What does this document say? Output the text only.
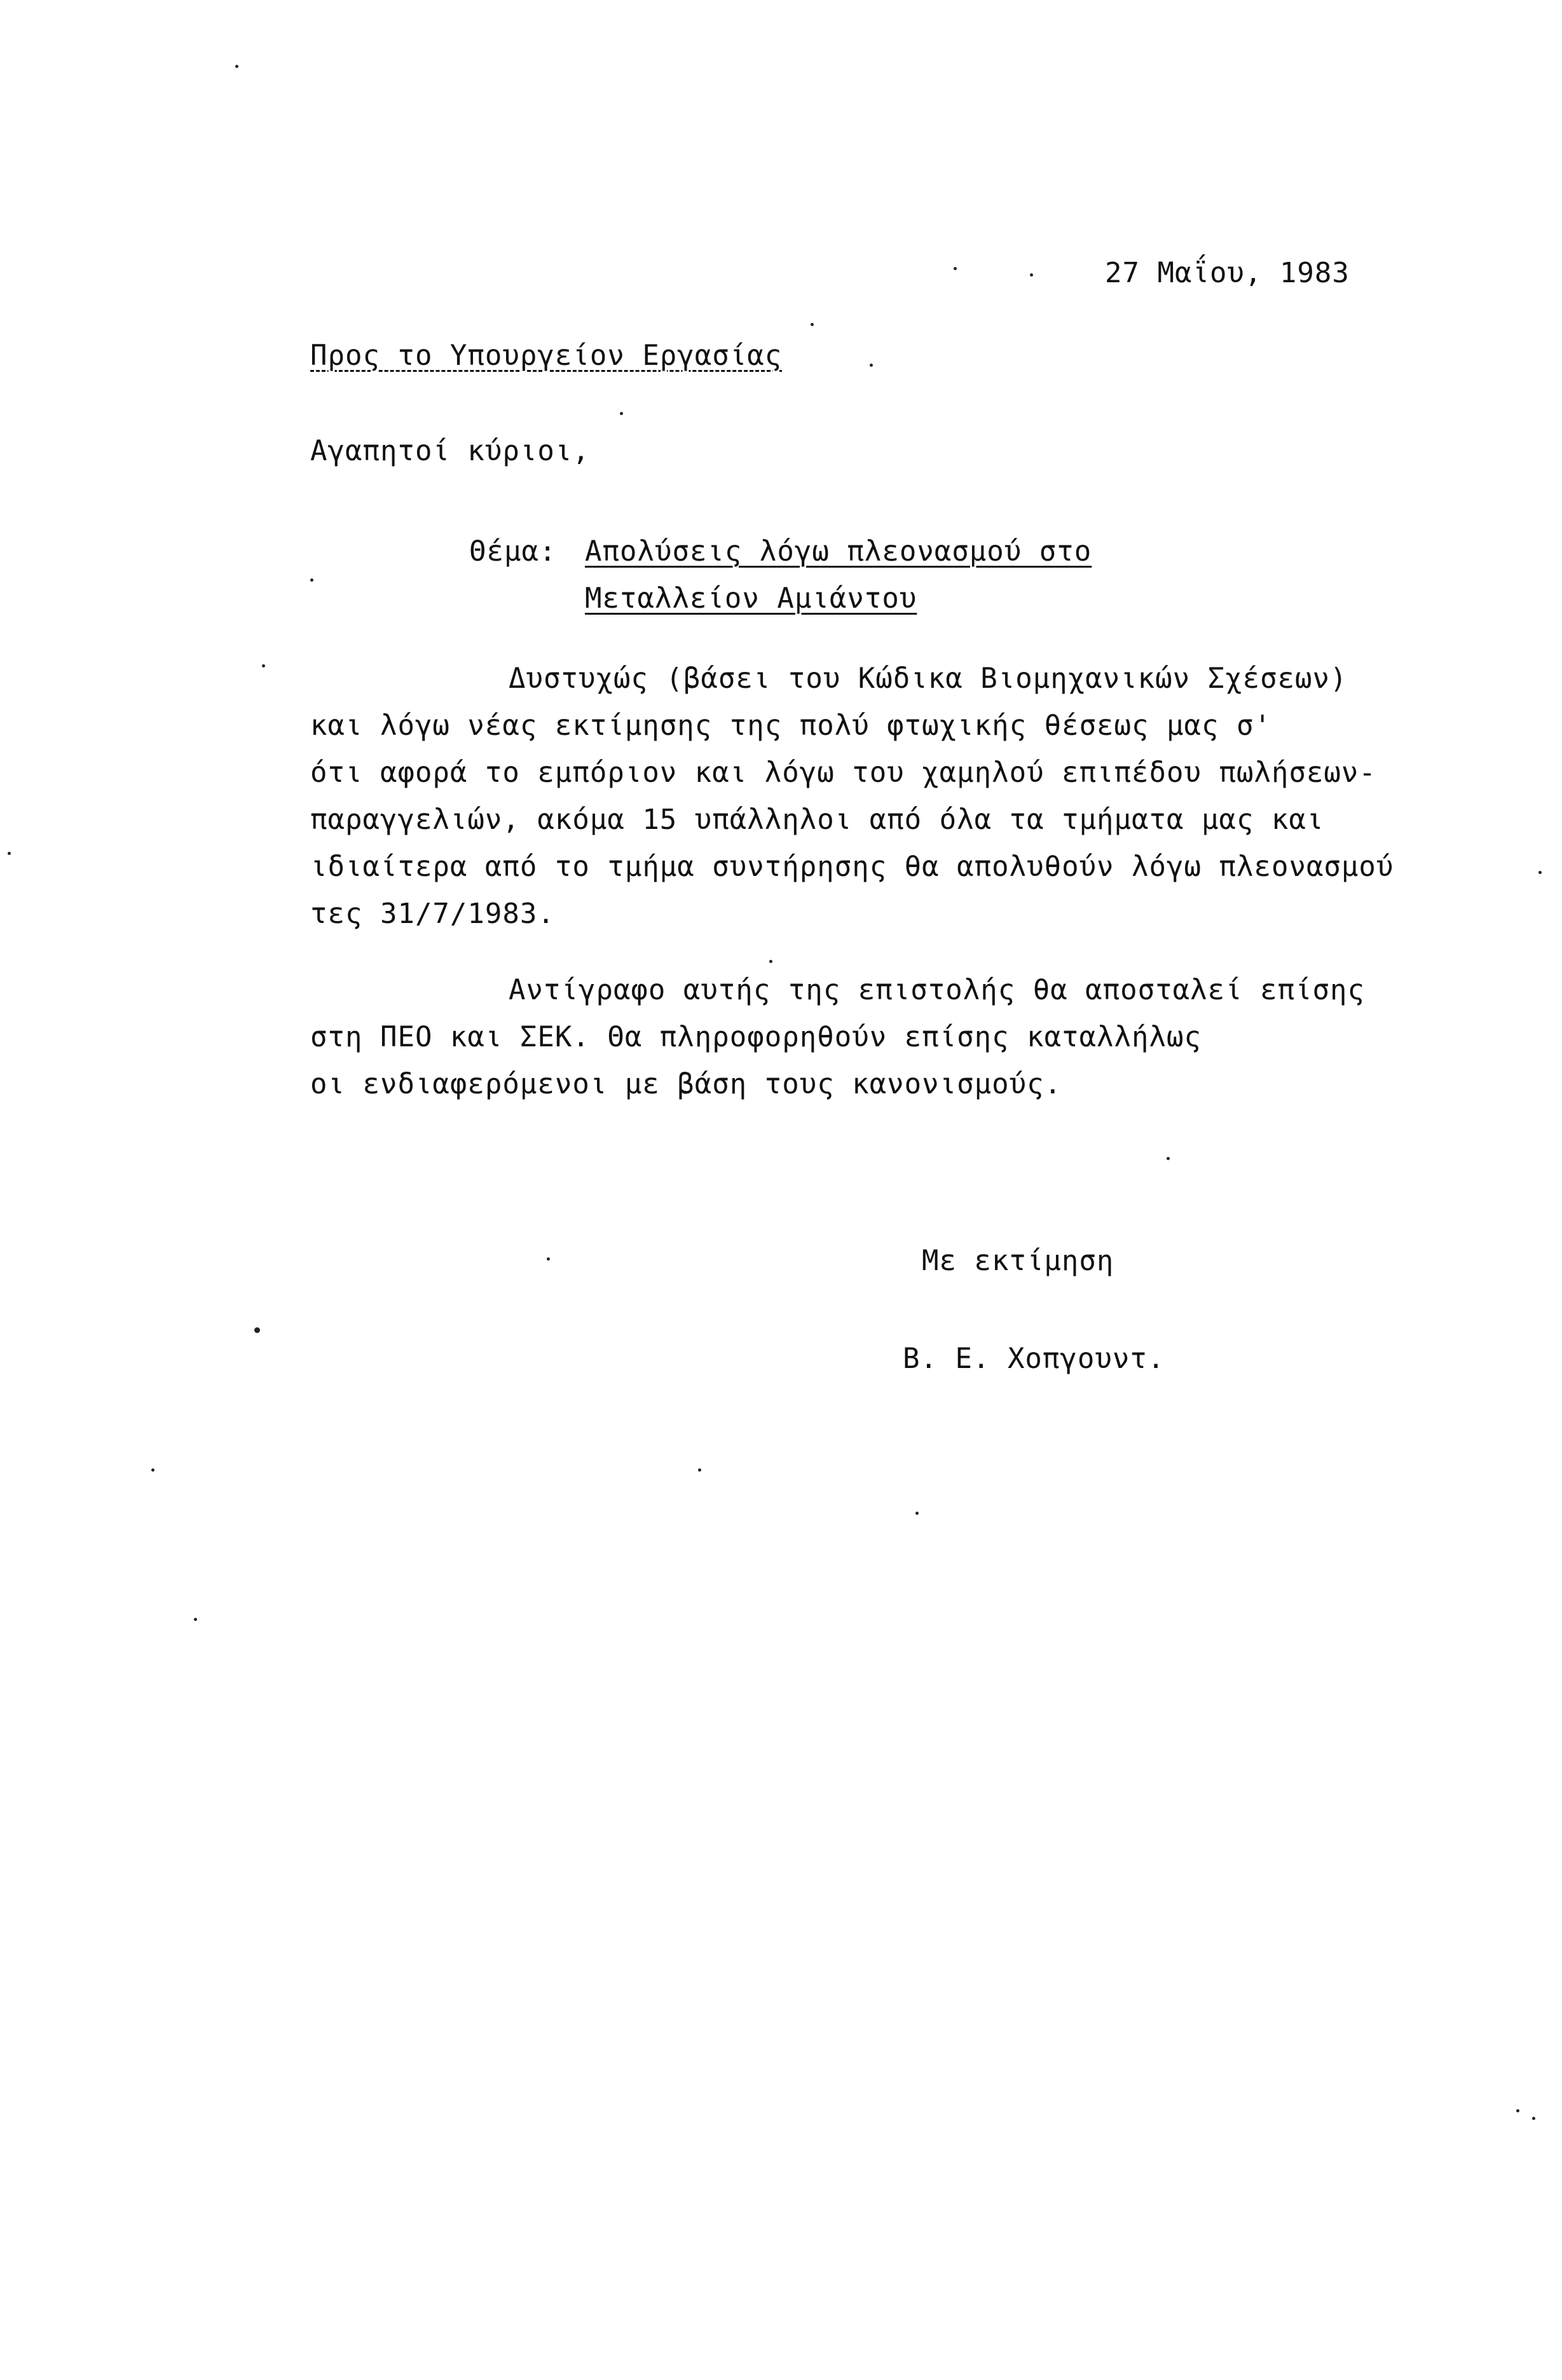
27 Μαΐου, 1983
Προς το Υπουργείον Εργασίας
Αγαπητοί κύριοι,
Θέμα: Απολύσεις λόγω πλεονασμού στο
Μεταλλείον Αμιάντου
Δυστυχώς (βάσει του Κώδικα Βιομηχανικών Σχέσεων)
και λόγω νέας εκτίμησης της πολύ φτωχικής θέσεως μας σ'
ότι αφορά το εμπόριον και λόγω του χαμηλού επιπέδου πωλήσεων-
παραγγελιών, ακόμα 15 υπάλληλοι από όλα τα τμήματα μας και
ιδιαίτερα από το τμήμα συντήρησης θα απολυθούν λόγω πλεονασμού
τες 31/7/1983.
Αντίγραφο αυτής της επιστολής θα αποσταλεί επίσης
στη ΠΕΟ και ΣΕΚ. Θα πληροφορηθούν επίσης καταλλήλως
οι ενδιαφερόμενοι με βάση τους κανονισμούς.
Με εκτίμηση
Β. Ε. Χοπγουντ.
